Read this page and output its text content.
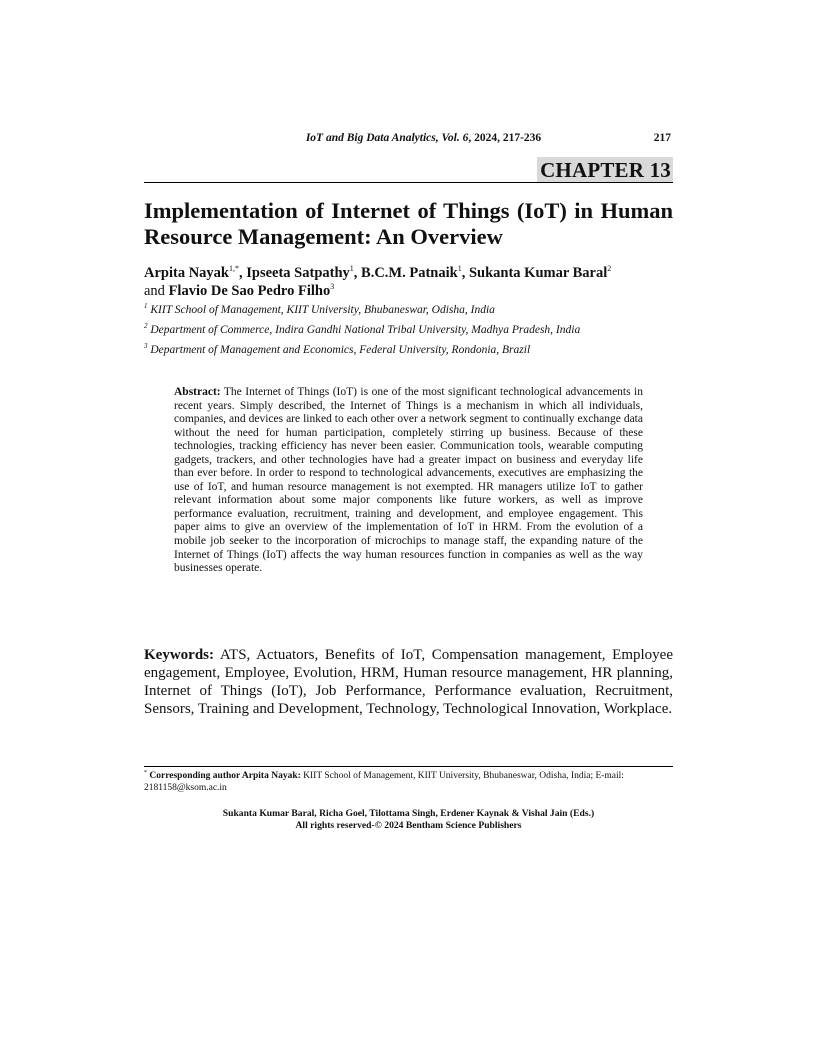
IoT and Big Data Analytics, Vol. 6, 2024, 217-236	217
CHAPTER 13
Implementation of Internet of Things (IoT) in Human Resource Management: An Overview
Arpita Nayak$^{1,*}$, Ipseeta Satpathy$^1$, B.C.M. Patnaik$^1$, Sukanta Kumar Baral$^2$
and Flavio De Sao Pedro Filho$^3$
$^1$ KIIT School of Management, KIIT University, Bhubaneswar, Odisha, India
$^2$ Department of Commerce, Indira Gandhi National Tribal University, Madhya Pradesh, India
$^3$ Department of Management and Economics, Federal University, Rondonia, Brazil

Abstract: The Internet of Things (IoT) is one of the most significant technological advancements in recent years. Simply described, the Internet of Things is a mechanism in which all individuals, companies, and devices are linked to each other over a network segment to continually exchange data without the need for human participation, completely stirring up business. Because of these technologies, tracking efficiency has never been easier. Communication tools, wearable computing gadgets, trackers, and other technologies have had a greater impact on business and everyday life than ever before. In order to respond to technological advancements, executives are emphasizing the use of IoT, and human resource management is not exempted. HR managers utilize IoT to gather relevant information about some major components like future workers, as well as improve performance evaluation, recruitment, training and development, and employee engagement. This paper aims to give an overview of the implementation of IoT in HRM. From the evolution of a mobile job seeker to the incorporation of microchips to manage staff, the expanding nature of the Internet of Things (IoT) affects the way human resources function in companies as well as the way businesses operate.

Keywords: ATS, Actuators, Benefits of IoT, Compensation management, Employee engagement, Employee, Evolution, HRM, Human resource management, HR planning, Internet of Things (IoT), Job Performance, Performance evaluation, Recruitment, Sensors, Training and Development, Technology, Technological Innovation, Workplace.

* Corresponding author Arpita Nayak: KIIT School of Management, KIIT University, Bhubaneswar, Odisha, India; E-mail: 2181158@ksom.ac.in
Sukanta Kumar Baral, Richa Goel, Tilottama Singh, Erdener Kaynak & Vishal Jain (Eds.)
All rights reserved-© 2024 Bentham Science Publishers
